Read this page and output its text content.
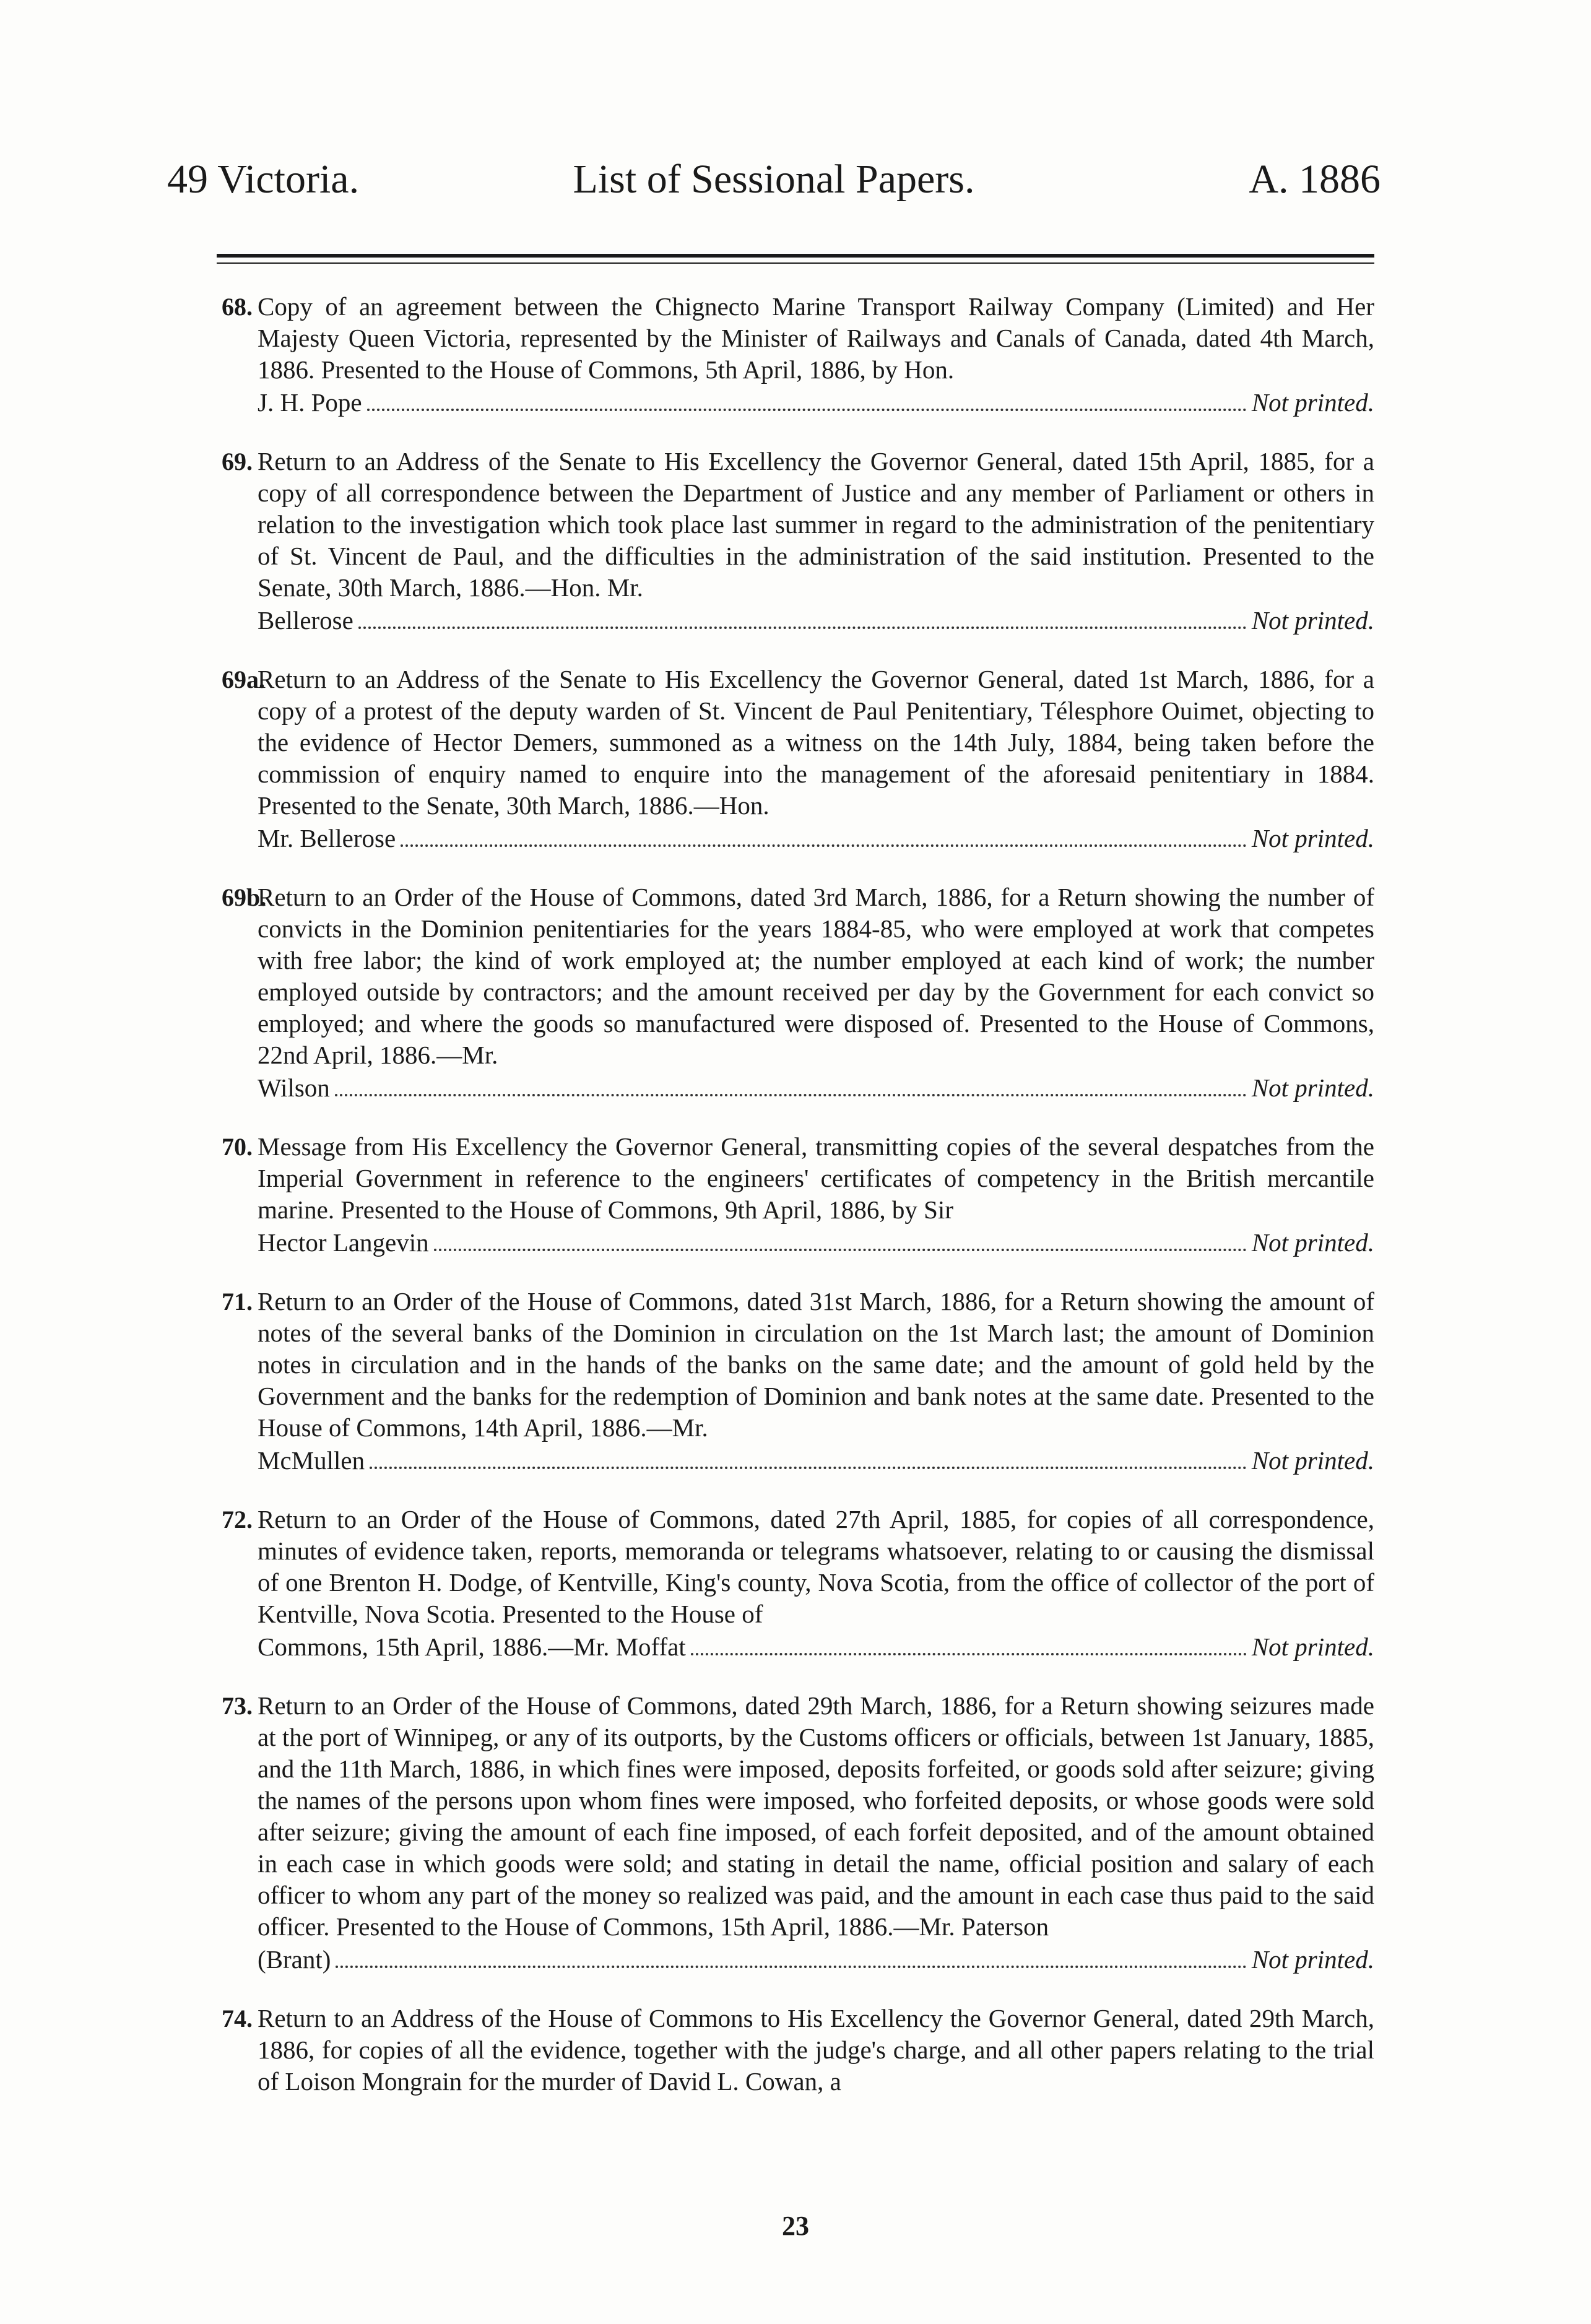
49 Victoria.	List of Sessional Papers.	A. 1886
68. Copy of an agreement between the Chignecto Marine Transport Railway Company (Limited) and Her Majesty Queen Victoria, represented by the Minister of Railways and Canals of Canada, dated 4th March, 1886. Presented to the House of Commons, 5th April, 1886, by Hon.
J. H. Pope	Not printed.
69. Return to an Address of the Senate to His Excellency the Governor General, dated 15th April, 1885, for a copy of all correspondence between the Department of Justice and any member of Parliament or others in relation to the investigation which took place last summer in regard to the administration of the penitentiary of St. Vincent de Paul, and the difficulties in the administration of the said institution. Presented to the Senate, 30th March, 1886.—Hon. Mr.
Bellerose	Not printed.
69a.
Return to an Address of the Senate to His Excellency the Governor General, dated 1st March, 1886, for a copy of a protest of the deputy warden of St. Vincent de Paul Penitentiary, Télesphore Ouimet, objecting to the evidence of Hector Demers, summoned as a witness on the 14th July, 1884, being taken before the commission of enquiry named to enquire into the management of the aforesaid penitentiary in 1884. Presented to the Senate, 30th March, 1886.—Hon.
Mr. Bellerose	Not printed.
69b.
Return to an Order of the House of Commons, dated 3rd March, 1886, for a Return showing the number of convicts in the Dominion penitentiaries for the years 1884-85, who were employed at work that competes with free labor; the kind of work employed at; the number employed at each kind of work; the number employed outside by contractors; and the amount received per day by the Government for each convict so employed; and where the goods so manufactured were disposed of. Presented to the House of Commons, 22nd April, 1886.—Mr.
Wilson	Not printed.
70. Message from His Excellency the Governor General, transmitting copies of the several despatches from the Imperial Government in reference to the engineers' certificates of competency in the British mercantile marine. Presented to the House of Commons, 9th April, 1886, by Sir
Hector Langevin	Not printed.
71. Return to an Order of the House of Commons, dated 31st March, 1886, for a Return showing the amount of notes of the several banks of the Dominion in circulation on the 1st March last; the amount of Dominion notes in circulation and in the hands of the banks on the same date; and the amount of gold held by the Government and the banks for the redemption of Dominion and bank notes at the same date. Presented to the House of Commons, 14th April, 1886.—Mr.
McMullen	Not printed.
72. Return to an Order of the House of Commons, dated 27th April, 1885, for copies of all correspondence, minutes of evidence taken, reports, memoranda or telegrams whatsoever, relating to or causing the dismissal of one Brenton H. Dodge, of Kentville, King's county, Nova Scotia, from the office of collector of the port of Kentville, Nova Scotia. Presented to the House of
Commons, 15th April, 1886.—Mr. Moffat	Not printed.
73. Return to an Order of the House of Commons, dated 29th March, 1886, for a Return showing seizures made at the port of Winnipeg, or any of its outports, by the Customs officers or officials, between 1st January, 1885, and the 11th March, 1886, in which fines were imposed, deposits forfeited, or goods sold after seizure; giving the names of the persons upon whom fines were imposed, who forfeited deposits, or whose goods were sold after seizure; giving the amount of each fine imposed, of each forfeit deposited, and of the amount obtained in each case in which goods were sold; and stating in detail the name, official position and salary of each officer to whom any part of the money so realized was paid, and the amount in each case thus paid to the said officer. Presented to the House of Commons, 15th April, 1886.—Mr. Paterson
(Brant)	Not printed.
74. Return to an Address of the House of Commons to His Excellency the Governor General, dated 29th March, 1886, for copies of all the evidence, together with the judge's charge, and all other papers relating to the trial of Loison Mongrain for the murder of David L. Cowan, a
23
